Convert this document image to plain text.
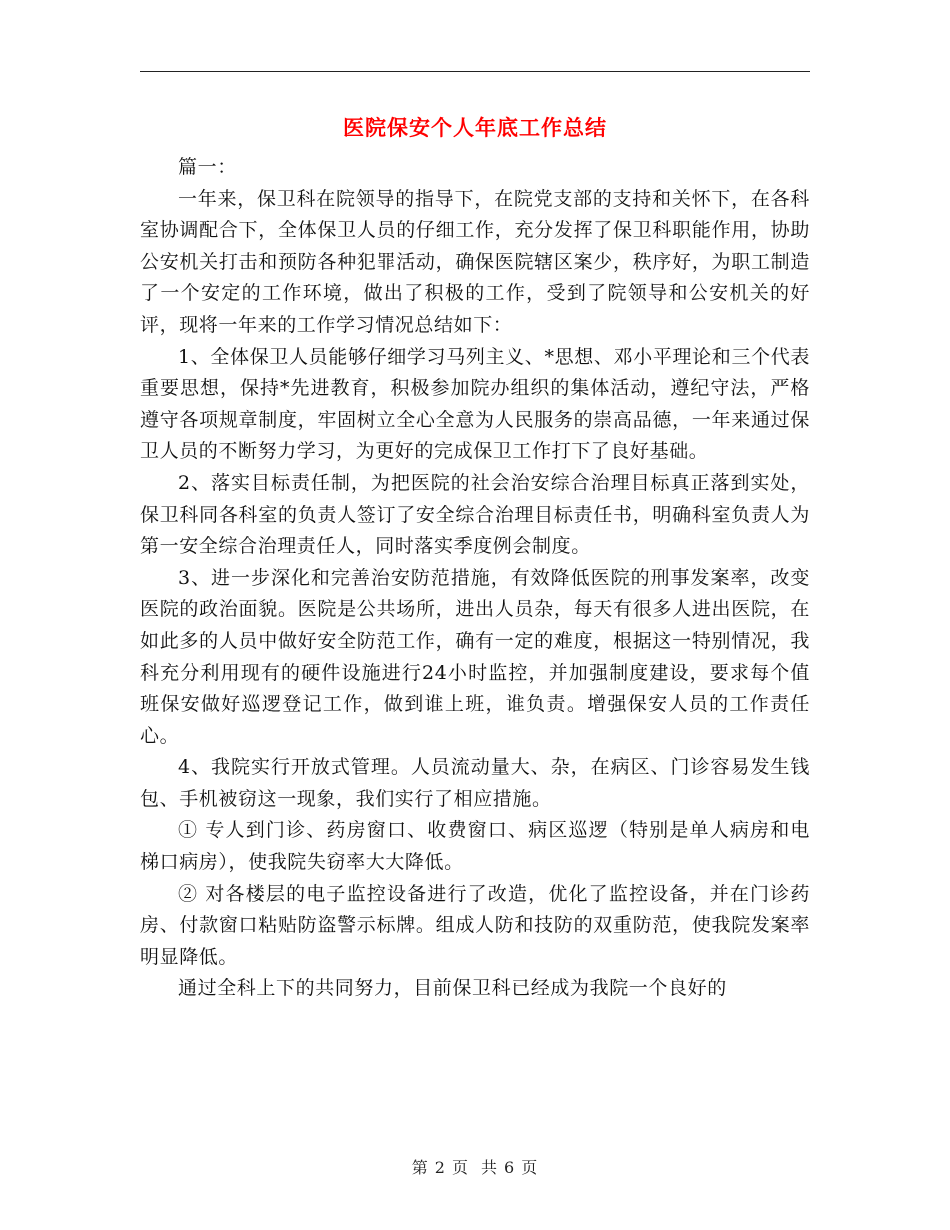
医院保安个人年底工作总结

篇一：

一年来，保卫科在院领导的指导下，在院党支部的支持和关怀下，在各科室协调配合下，全体保卫人员的仔细工作，充分发挥了保卫科职能作用，协助公安机关打击和预防各种犯罪活动，确保医院辖区案少，秩序好，为职工制造了一个安定的工作环境，做出了积极的工作，受到了院领导和公安机关的好评，现将一年来的工作学习情况总结如下：

1、全体保卫人员能够仔细学习马列主义、*思想、邓小平理论和三个代表重要思想，保持*先进教育，积极参加院办组织的集体活动，遵纪守法，严格遵守各项规章制度，牢固树立全心全意为人民服务的崇高品德，一年来通过保卫人员的不断努力学习，为更好的完成保卫工作打下了良好基础。

2、落实目标责任制，为把医院的社会治安综合治理目标真正落到实处，保卫科同各科室的负责人签订了安全综合治理目标责任书，明确科室负责人为第一安全综合治理责任人，同时落实季度例会制度。

3、进一步深化和完善治安防范措施，有效降低医院的刑事发案率，改变医院的政治面貌。医院是公共场所，进出人员杂，每天有很多人进出医院，在如此多的人员中做好安全防范工作，确有一定的难度，根据这一特别情况，我科充分利用现有的硬件设施进行24小时监控，并加强制度建设，要求每个值班保安做好巡逻登记工作，做到谁上班，谁负责。增强保安人员的工作责任心。

4、我院实行开放式管理。人员流动量大、杂，在病区、门诊容易发生钱包、手机被窃这一现象，我们实行了相应措施。

① 专人到门诊、药房窗口、收费窗口、病区巡逻（特别是单人病房和电梯口病房），使我院失窃率大大降低。

② 对各楼层的电子监控设备进行了改造，优化了监控设备，并在门诊药房、付款窗口粘贴防盗警示标牌。组成人防和技防的双重防范，使我院发案率明显降低。

通过全科上下的共同努力，目前保卫科已经成为我院一个良好的

第 2 页 共 6 页
